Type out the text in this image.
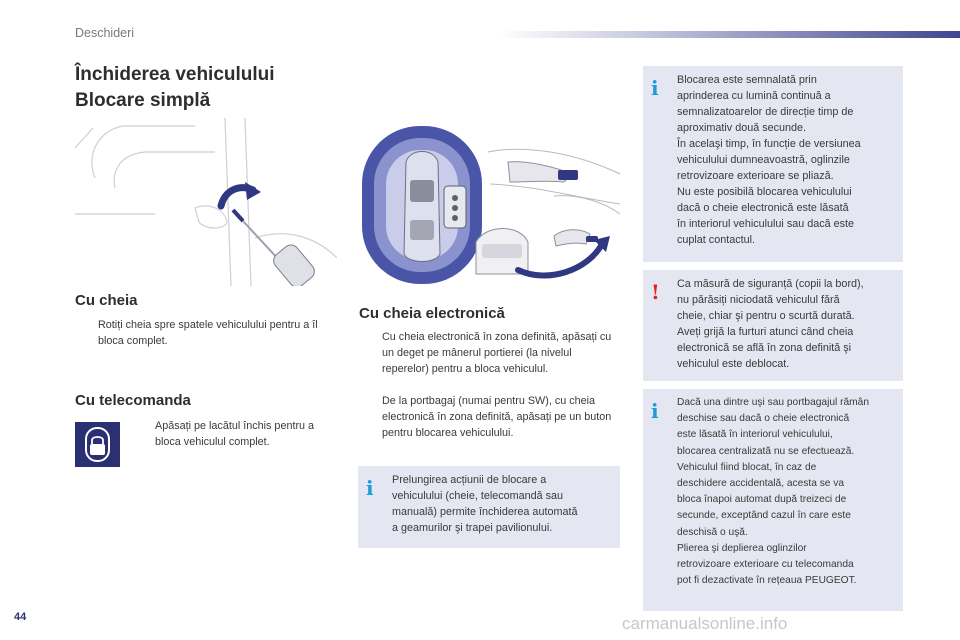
Deschideri
Închiderea vehiculului
Blocare simplă
Cu cheia
Rotiți cheia spre spatele vehiculului pentru a îl bloca complet.
Cu telecomanda
Apăsați pe lacătul închis pentru a bloca vehiculul complet.
Cu cheia electronică
Cu cheia electronică în zona definită, apăsați cu un deget pe mânerul portierei (la nivelul reperelor) pentru a bloca vehiculul.
De la portbagaj (numai pentru SW), cu cheia electronică în zona definită, apăsați pe un buton pentru blocarea vehiculului.
i Prelungirea acțiunii de blocare a
vehiculului (cheie, telecomandă sau
manuală) permite închiderea automată
a geamurilor şi trapei pavilionului.
i Blocarea este semnalată prin
aprinderea cu lumină continuă a
semnalizatoarelor de direcție timp de
aproximativ două secunde.
În acelaşi timp, în funcție de versiunea
vehiculului dumneavoastră, oglinzile
retrovizoare exterioare se pliază.
Nu este posibilă blocarea vehiculului
dacă o cheie electronică este lăsată
în interiorul vehiculului sau dacă este
cuplat contactul.
! Ca măsură de siguranță (copii la bord),
nu părăsiți niciodată vehiculul fără
cheie, chiar şi pentru o scurtă durată.
Aveți grijă la furturi atunci când cheia
electronică se află în zona definită şi
vehiculul este deblocat.
i Dacă una dintre uşi sau portbagajul rămân
deschise sau dacă o cheie electronică
este lăsată în interiorul vehiculului,
blocarea centralizată nu se efectuează.
Vehiculul fiind blocat, în caz de
deschidere accidentală, acesta se va
bloca înapoi automat după treizeci de
secunde, exceptând cazul în care este
deschisă o uşă.
Plierea şi deplierea oglinzilor
retrovizoare exterioare cu telecomanda
pot fi dezactivate în rețeaua PEUGEOT.
44	carmanualsonline.info
